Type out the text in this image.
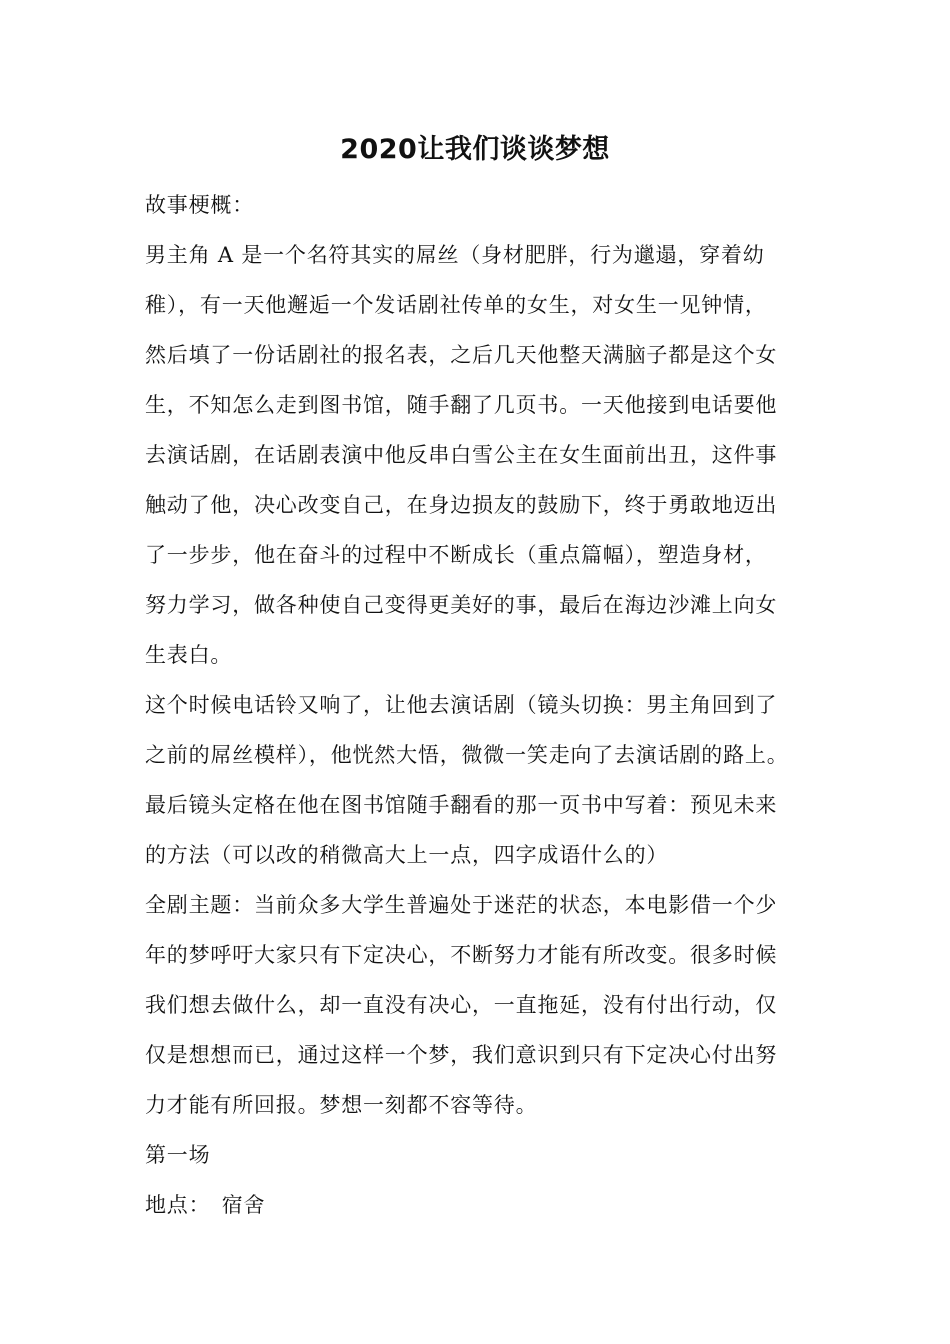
2020让我们谈谈梦想
故事梗概：
男主角 A 是一个名符其实的屌丝（身材肥胖，行为邋遢，穿着幼
稚），有一天他邂逅一个发话剧社传单的女生，对女生一见钟情，
然后填了一份话剧社的报名表，之后几天他整天满脑子都是这个女
生，不知怎么走到图书馆，随手翻了几页书。一天他接到电话要他
去演话剧，在话剧表演中他反串白雪公主在女生面前出丑，这件事
触动了他，决心改变自己，在身边损友的鼓励下，终于勇敢地迈出
了一步步，他在奋斗的过程中不断成长（重点篇幅），塑造身材，
努力学习，做各种使自己变得更美好的事，最后在海边沙滩上向女
生表白。
这个时候电话铃又响了，让他去演话剧（镜头切换：男主角回到了
之前的屌丝模样），他恍然大悟，微微一笑走向了去演话剧的路上。
最后镜头定格在他在图书馆随手翻看的那一页书中写着：预见未来
的方法（可以改的稍微高大上一点，四字成语什么的）
全剧主题：当前众多大学生普遍处于迷茫的状态，本电影借一个少
年的梦呼吁大家只有下定决心，不断努力才能有所改变。很多时候
我们想去做什么，却一直没有决心，一直拖延，没有付出行动，仅
仅是想想而已，通过这样一个梦，我们意识到只有下定决心付出努
力才能有所回报。梦想一刻都不容等待。
第一场
地点：　宿舍
